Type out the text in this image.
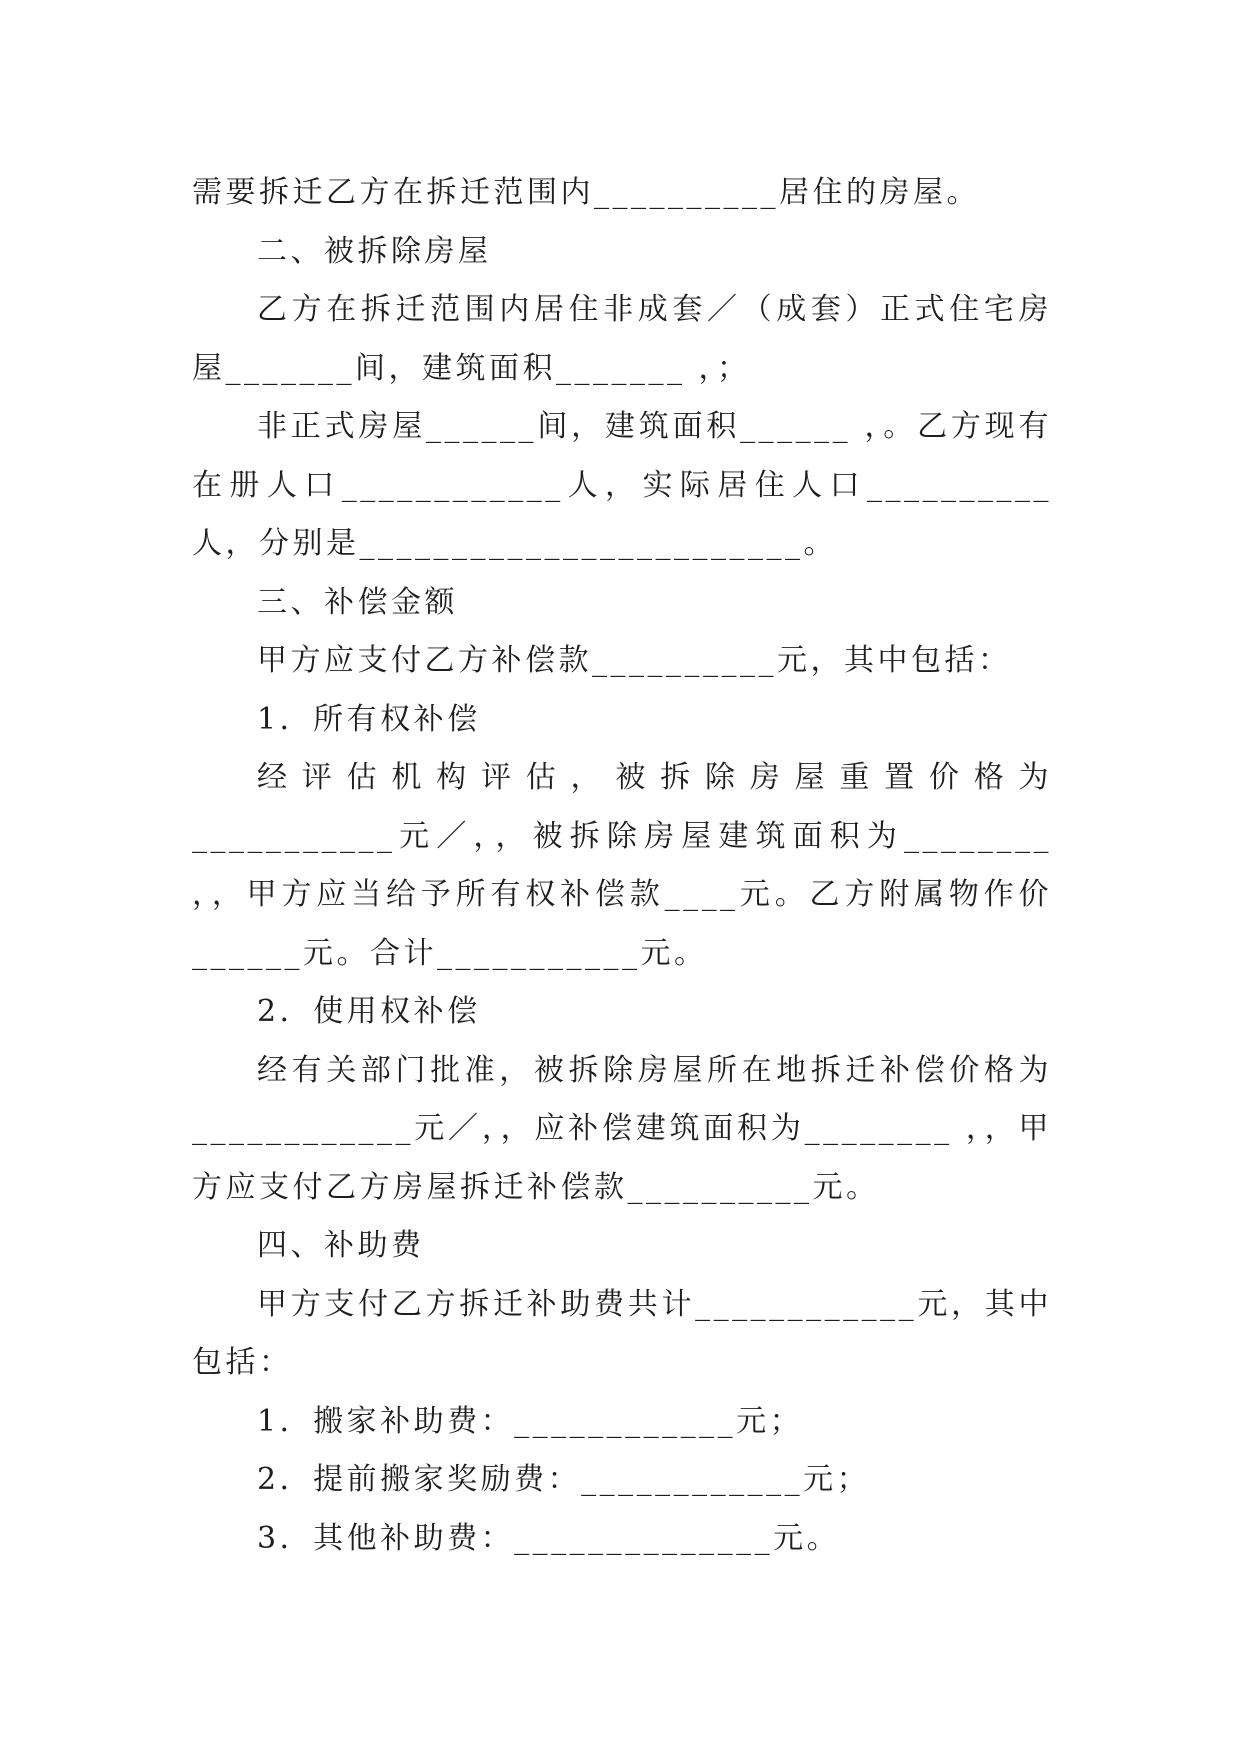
需要拆迁乙方在拆迁范围内__________居住的房屋。

二、被拆除房屋

乙方在拆迁范围内居住非成套／（成套）正式住宅房屋_______间，建筑面积_______ ，；

非正式房屋______间，建筑面积______ ，。乙方现有在册人口____________人，实际居住人口__________人，分别是________________________。

三、补偿金额

甲方应支付乙方补偿款__________元，其中包括：

1．所有权补偿

经评估机构评估，被拆除房屋重置价格为___________元／，，被拆除房屋建筑面积为________ ，，甲方应当给予所有权补偿款____元。乙方附属物作价______元。合计___________元。

2．使用权补偿

经有关部门批准，被拆除房屋所在地拆迁补偿价格为____________元／，，应补偿建筑面积为________ ，，甲方应支付乙方房屋拆迁补偿款__________元。

四、补助费

甲方支付乙方拆迁补助费共计____________元，其中包括：

1．搬家补助费：____________元；

2．提前搬家奖励费：____________元；

3．其他补助费：______________元。
